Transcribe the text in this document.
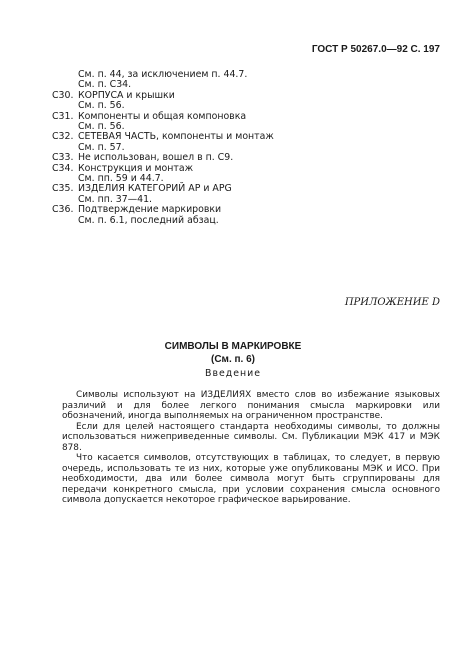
ГОСТ Р 50267.0—92 С. 197
См. п. 44, за исключением п. 44.7.
См. п. С34.
С30. КОРПУСА и крышки
См. п. 56.
С31. Компоненты и общая компоновка
См. п. 56.
С32. СЕТЕВАЯ ЧАСТЬ, компоненты и монтаж
См. п. 57.
С33. Не использован, вошел в п. С9.
С34. Конструкция и монтаж
См. пп. 59 и 44.7.
С35. ИЗДЕЛИЯ КАТЕГОРИЙ АР и АРG
См. пп. 37—41.
С36. Подтверждение маркировки
См. п. 6.1, последний абзац.
ПРИЛОЖЕНИЕ D
СИМВОЛЫ В МАРКИРОВКЕ
(См. п. 6)
Введение

Символы используют на ИЗДЕЛИЯХ вместо слов во избежание языковых различий и для более легкого понимания смысла маркировки или обозначений, иногда выполняемых на ограниченном пространстве.

Если для целей настоящего стандарта необходимы символы, то должны использоваться нижеприведенные символы. См. Публикации МЭК 417 и МЭК 878.

Что касается символов, отсутствующих в таблицах, то следует, в первую очередь, использовать те из них, которые уже опубликованы МЭК и ИСО. При необходимости, два или более символа могут быть сгруппированы для передачи конкретного смысла, при условии сохранения смысла основного символа допускается некоторое графическое варьирование.
